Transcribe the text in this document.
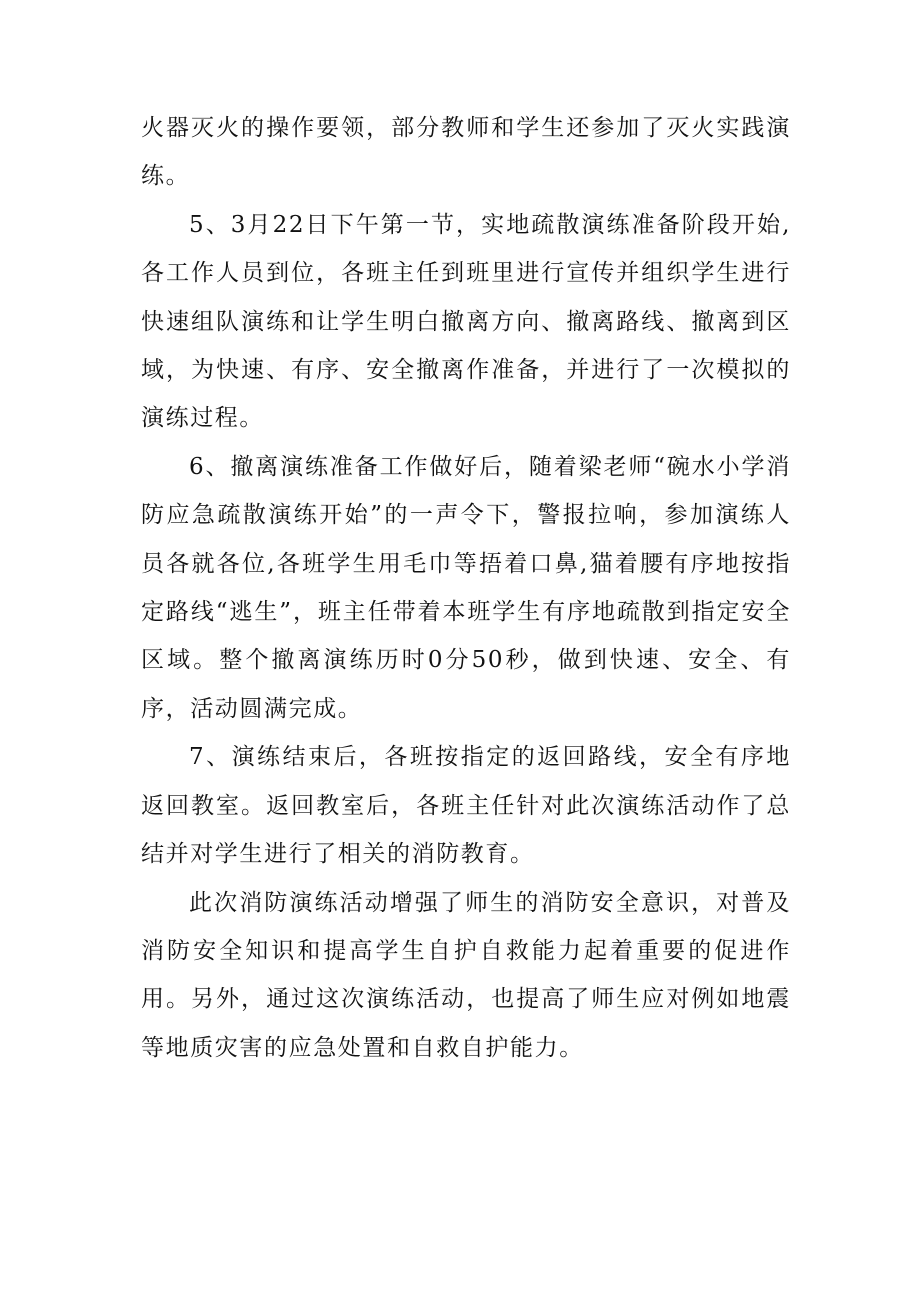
火器灭火的操作要领，部分教师和学生还参加了灭火实践演练。

5、3月22日下午第一节，实地疏散演练准备阶段开始,各工作人员到位，各班主任到班里进行宣传并组织学生进行快速组队演练和让学生明白撤离方向、撤离路线、撤离到区域，为快速、有序、安全撤离作准备，并进行了一次模拟的演练过程。

6、撤离演练准备工作做好后，随着梁老师“碗水小学消防应急疏散演练开始”的一声令下，警报拉响，参加演练人员各就各位,各班学生用毛巾等捂着口鼻,猫着腰有序地按指定路线“逃生”，班主任带着本班学生有序地疏散到指定安全区域。整个撤离演练历时0分50秒，做到快速、安全、有序，活动圆满完成。

7、演练结束后，各班按指定的返回路线，安全有序地返回教室。返回教室后，各班主任针对此次演练活动作了总结并对学生进行了相关的消防教育。

此次消防演练活动增强了师生的消防安全意识，对普及消防安全知识和提高学生自护自救能力起着重要的促进作用。另外，通过这次演练活动，也提高了师生应对例如地震等地质灾害的应急处置和自救自护能力。
